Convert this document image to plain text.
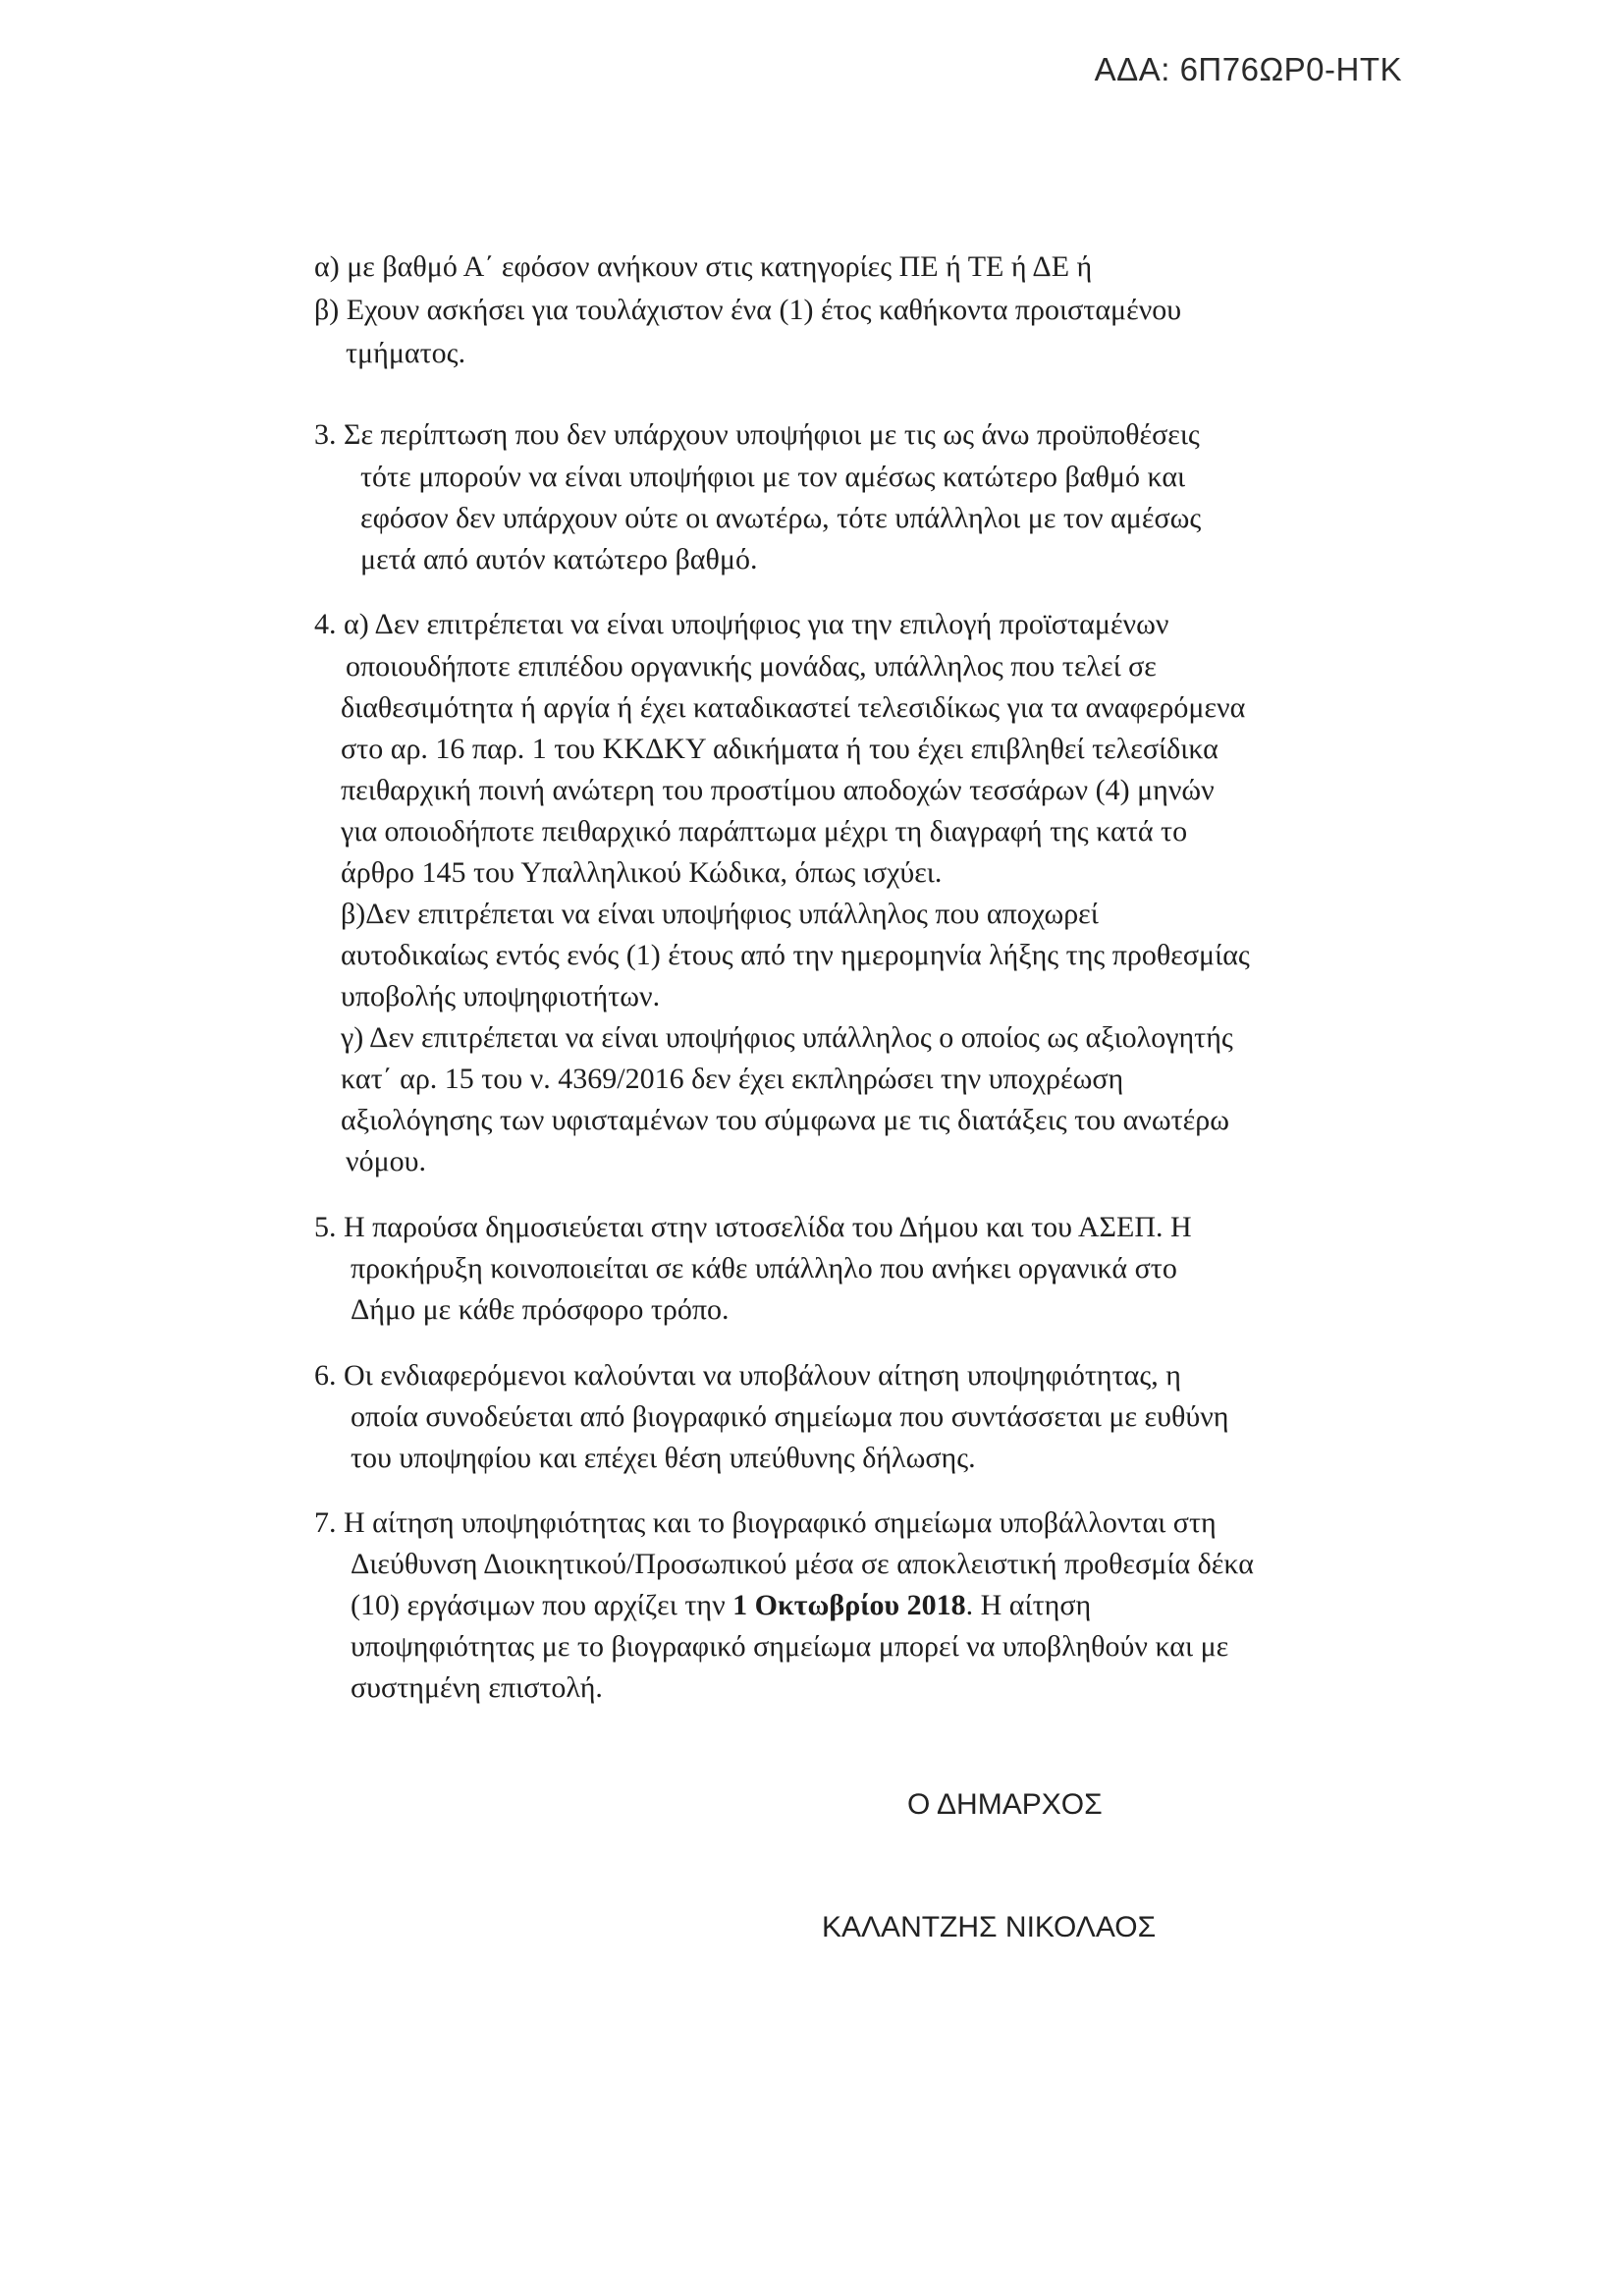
ΑΔΑ: 6Π76ΩΡ0-ΗΤΚ
α) με βαθμό Α΄ εφόσον ανήκουν στις κατηγορίες ΠΕ ή ΤΕ ή ΔΕ ή
β) Εχουν ασκήσει για τουλάχιστον ένα (1) έτος καθήκοντα προισταμένου
τμήματος.
3. Σε περίπτωση που δεν υπάρχουν υποψήφιοι με τις ως άνω προϋποθέσεις
τότε μπορούν να είναι υποψήφιοι με τον αμέσως κατώτερο βαθμό και
εφόσον δεν υπάρχουν ούτε οι ανωτέρω, τότε υπάλληλοι με τον αμέσως
μετά από αυτόν κατώτερο βαθμό.
4. α) Δεν επιτρέπεται να είναι υποψήφιος για την επιλογή προϊσταμένων
οποιουδήποτε επιπέδου οργανικής μονάδας, υπάλληλος που τελεί σε
διαθεσιμότητα ή αργία ή έχει καταδικαστεί τελεσιδίκως για τα αναφερόμενα
στο αρ. 16 παρ. 1 του ΚΚΔΚΥ αδικήματα ή του έχει επιβληθεί τελεσίδικα
πειθαρχική ποινή ανώτερη του προστίμου αποδοχών τεσσάρων (4) μηνών
για οποιοδήποτε πειθαρχικό παράπτωμα μέχρι τη διαγραφή της κατά το
άρθρο 145 του Υπαλληλικού Κώδικα, όπως ισχύει.
β)Δεν επιτρέπεται να είναι υποψήφιος υπάλληλος που αποχωρεί
αυτοδικαίως εντός ενός (1) έτους από την ημερομηνία λήξης της προθεσμίας
υποβολής υποψηφιοτήτων.
γ) Δεν επιτρέπεται να είναι υποψήφιος υπάλληλος ο οποίος ως αξιολογητής
κατ΄ αρ. 15 του ν. 4369/2016 δεν έχει εκπληρώσει την υποχρέωση
αξιολόγησης των υφισταμένων του σύμφωνα με τις διατάξεις του ανωτέρω
νόμου.
5. Η παρούσα δημοσιεύεται στην ιστοσελίδα του Δήμου και του ΑΣΕΠ. Η
προκήρυξη κοινοποιείται σε κάθε υπάλληλο που ανήκει οργανικά στο
Δήμο με κάθε πρόσφορο τρόπο.
6. Οι ενδιαφερόμενοι καλούνται να υποβάλουν αίτηση υποψηφιότητας, η
οποία συνοδεύεται από βιογραφικό σημείωμα που συντάσσεται με ευθύνη
του υποψηφίου και επέχει θέση υπεύθυνης δήλωσης.
7. Η αίτηση υποψηφιότητας και το βιογραφικό σημείωμα υποβάλλονται στη
Διεύθυνση Διοικητικού/Προσωπικού μέσα σε αποκλειστική προθεσμία δέκα
(10) εργάσιμων που αρχίζει την 1 Οκτωβρίου 2018. Η αίτηση
υποψηφιότητας με το βιογραφικό σημείωμα μπορεί να υποβληθούν και με
συστημένη επιστολή.
Ο ΔΗΜΑΡΧΟΣ
ΚΑΛΑΝΤΖΗΣ ΝΙΚΟΛΑΟΣ
